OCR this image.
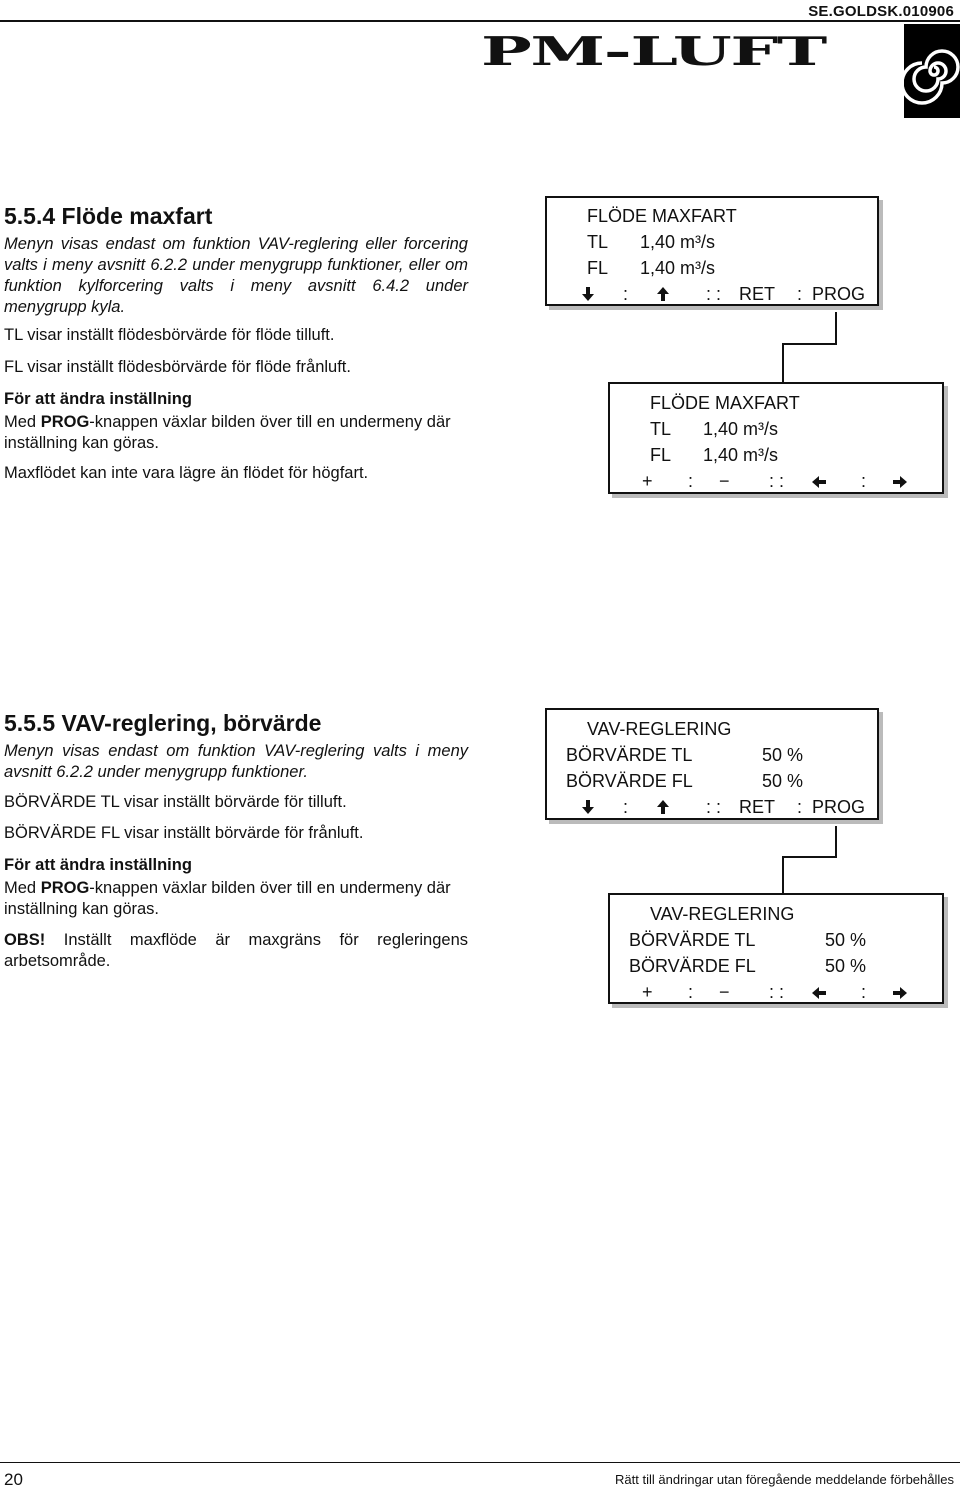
SE.GOLDSK.010906
PM-LUFT
5.5.4 Flöde maxfart

Menyn visas endast om funktion VAV-reglering eller forcering valts i meny avsnitt 6.2.2 under menygrupp funktioner, eller om funktion kylforcering valts i meny avsnitt 6.4.2 under menygrupp kyla.

TL visar inställt flödesbörvärde för flöde tilluft.

FL visar inställt flödesbörvärde för flöde frånluft.

För att ändra inställning

Med PROG-knappen växlar bilden över till en undermeny där inställning kan göras.

Maxflödet kan inte vara lägre än flödet för högfart.

FLÖDE MAXFART
TL 1,40 m³/s
FL 1,40 m³/s
:	: : RET : PROG
FLÖDE MAXFART
TL 1,40 m³/s
FL 1,40 m³/s
+ : − : :	:
5.5.5 VAV-reglering, börvärde

Menyn visas endast om funktion VAV-reglering valts i meny avsnitt 6.2.2 under menygrupp funktioner.

BÖRVÄRDE TL visar inställt börvärde för tilluft.

BÖRVÄRDE FL visar inställt börvärde för frånluft.

För att ändra inställning

Med PROG-knappen växlar bilden över till en undermeny där inställning kan göras.

OBS! Inställt maxflöde är maxgräns för regleringens arbetsområde.

VAV-REGLERING
BÖRVÄRDE TL	50 %
BÖRVÄRDE FL	50 %
:	: : RET : PROG
VAV-REGLERING
BÖRVÄRDE TL	50 %
BÖRVÄRDE FL	50 %
+ : − : :	:
20	Rätt till ändringar utan föregående meddelande förbehålles
